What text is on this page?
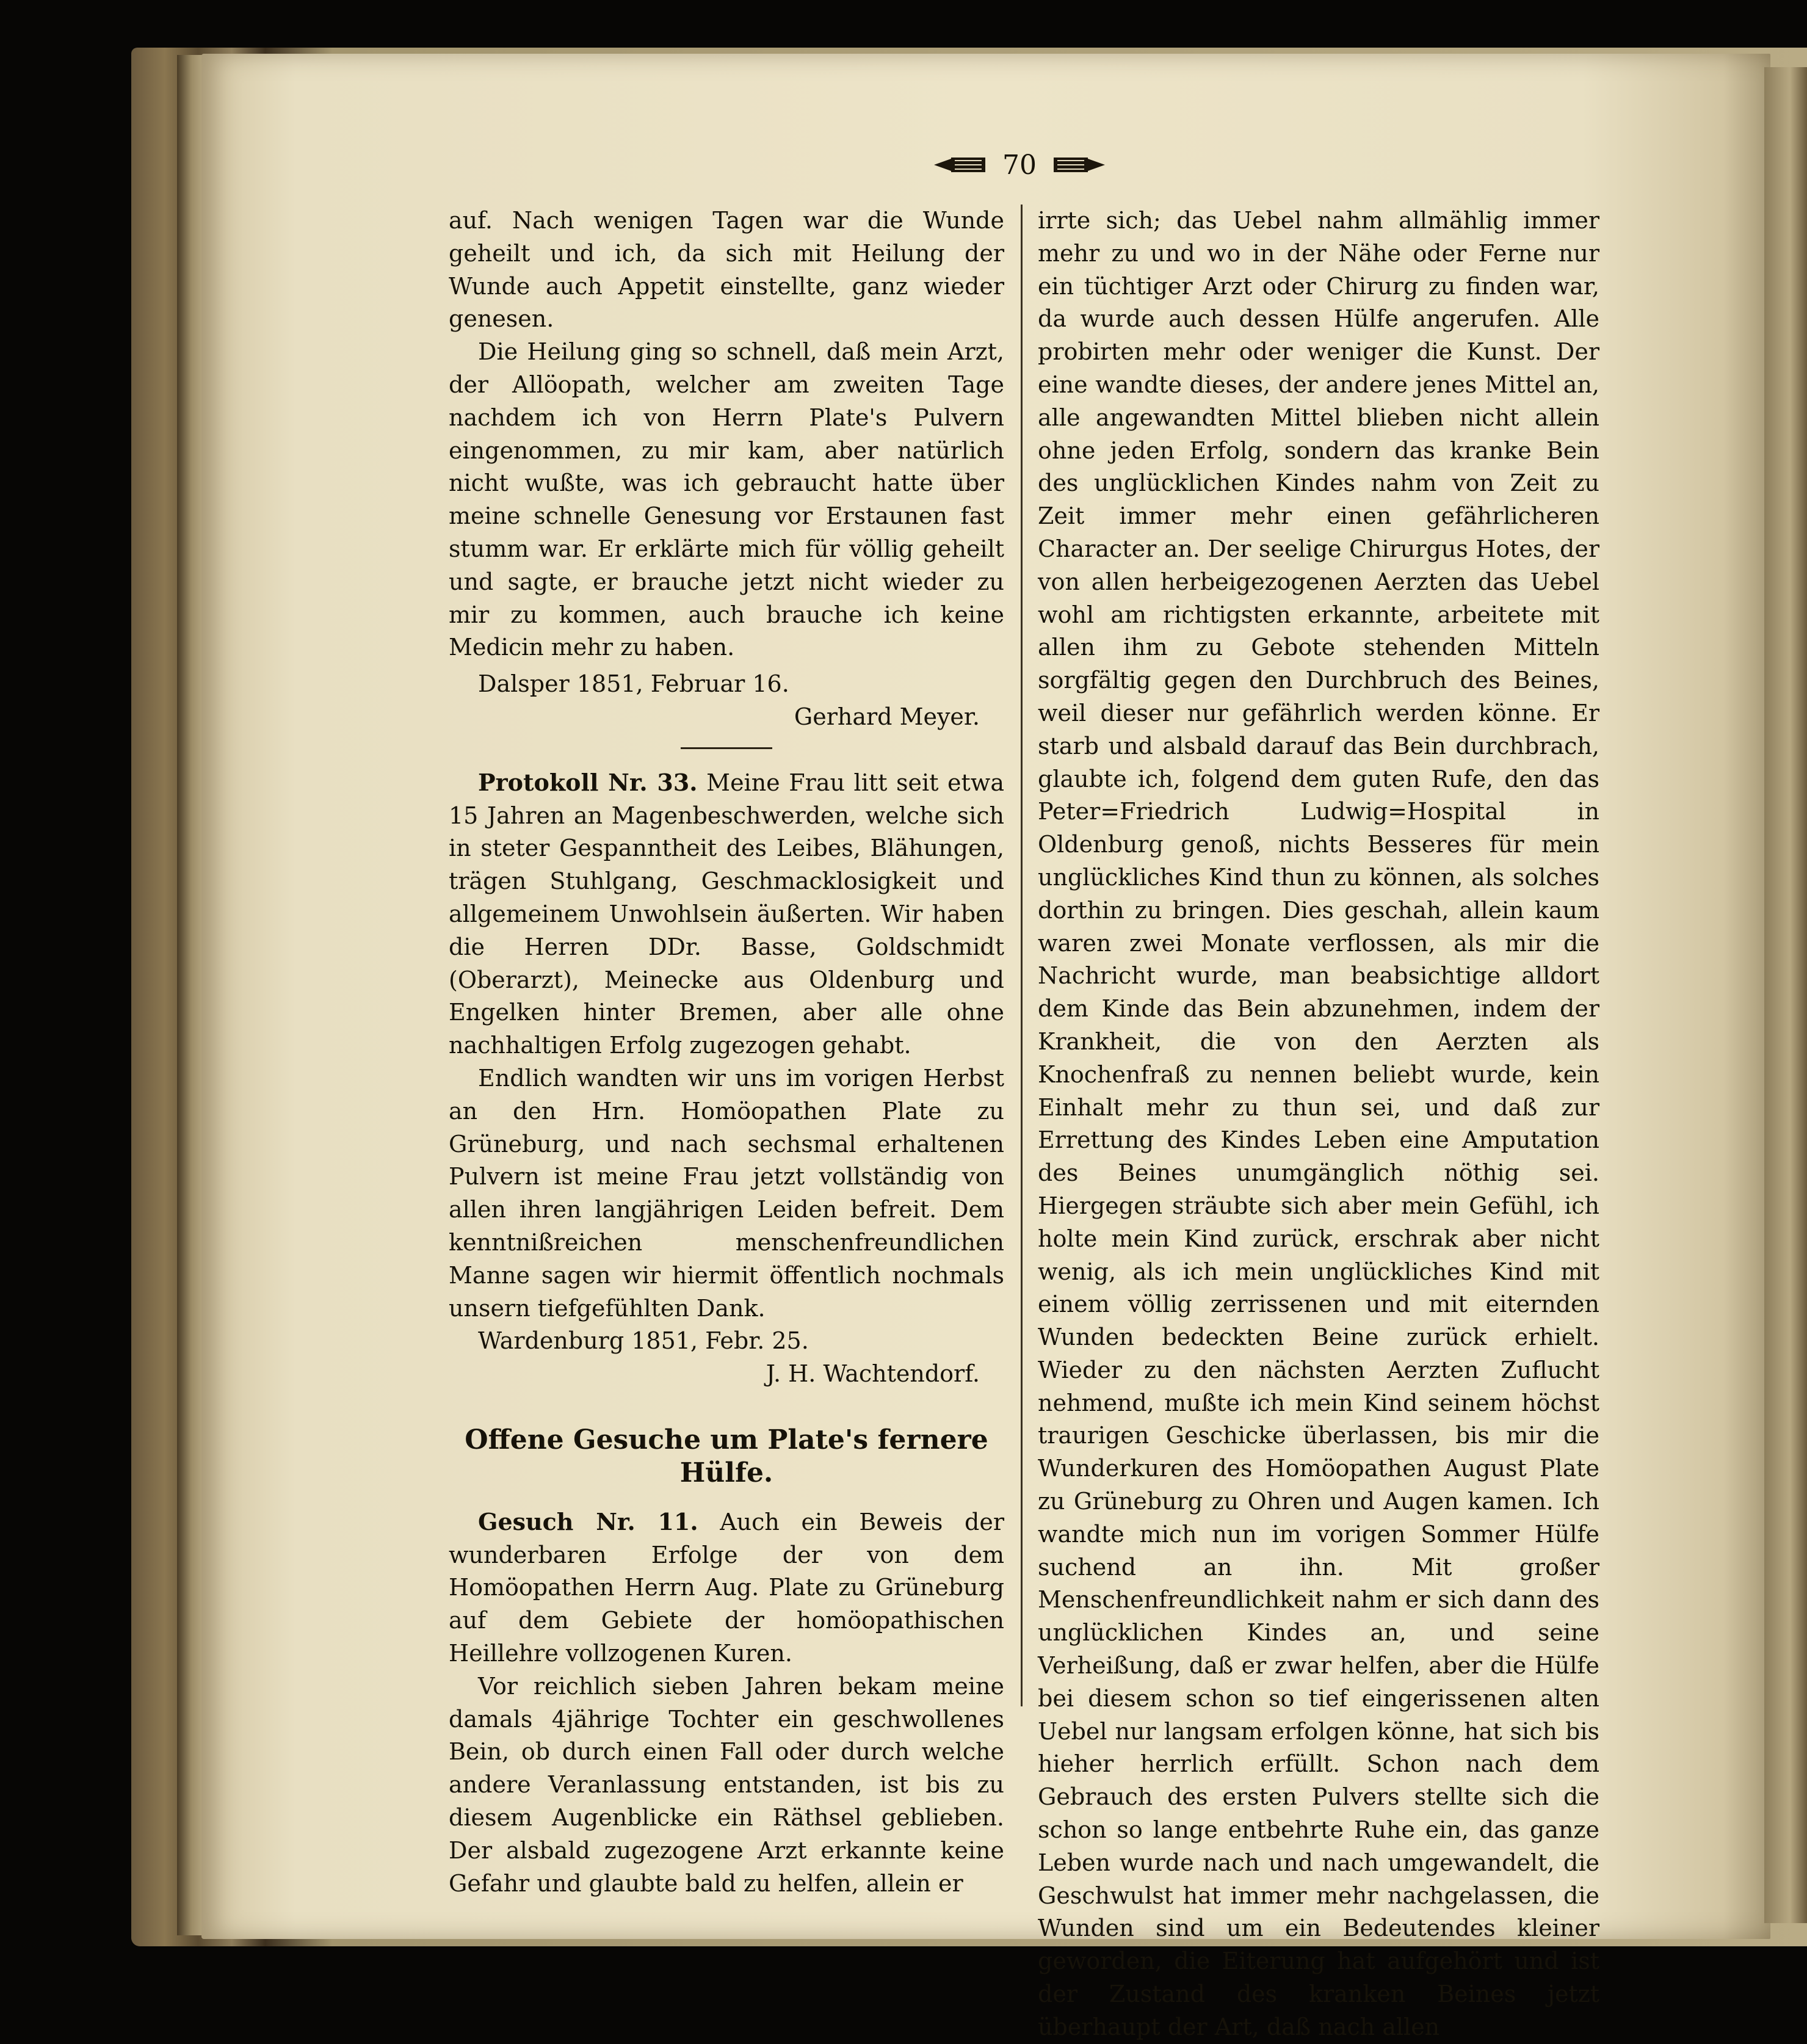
70

auf. Nach wenigen Tagen war die Wunde geheilt und ich, da sich mit Heilung der Wunde auch Appetit einstellte, ganz wieder genesen.

Die Heilung ging so schnell, daß mein Arzt, der Allöopath, welcher am zweiten Tage nachdem ich von Herrn Plate's Pulvern eingenommen, zu mir kam, aber natürlich nicht wußte, was ich gebraucht hatte über meine schnelle Genesung vor Erstaunen fast stumm war. Er erklärte mich für völlig geheilt und sagte, er brauche jetzt nicht wieder zu mir zu kommen, auch brauche ich keine Medicin mehr zu haben.

Dalsper 1851, Februar 16.

Gerhard Meyer.

Protokoll Nr. 33. Meine Frau litt seit etwa 15 Jahren an Magenbeschwerden, welche sich in steter Gespanntheit des Leibes, Blähungen, trägen Stuhlgang, Geschmacklosigkeit und allgemeinem Unwohlsein äußerten. Wir haben die Herren DDr. Basse, Goldschmidt (Oberarzt), Meinecke aus Oldenburg und Engelken hinter Bremen, aber alle ohne nachhaltigen Erfolg zugezogen gehabt.

Endlich wandten wir uns im vorigen Herbst an den Hrn. Homöopathen Plate zu Grüneburg, und nach sechsmal erhaltenen Pulvern ist meine Frau jetzt vollständig von allen ihren langjährigen Leiden befreit. Dem kenntnißreichen menschenfreundlichen Manne sagen wir hiermit öffentlich nochmals unsern tiefgefühlten Dank.

Wardenburg 1851, Febr. 25.

J. H. Wachtendorf.

Offene Gesuche um Plate's fernere Hülfe.

Gesuch Nr. 11. Auch ein Beweis der wunderbaren Erfolge der von dem Homöopathen Herrn Aug. Plate zu Grüneburg auf dem Gebiete der homöopathischen Heillehre vollzogenen Kuren.

Vor reichlich sieben Jahren bekam meine damals 4jährige Tochter ein geschwollenes Bein, ob durch einen Fall oder durch welche andere Veranlassung entstanden, ist bis zu diesem Augenblicke ein Räthsel geblieben. Der alsbald zugezogene Arzt erkannte keine Gefahr und glaubte bald zu helfen, allein er

irrte sich; das Uebel nahm allmählig immer mehr zu und wo in der Nähe oder Ferne nur ein tüchtiger Arzt oder Chirurg zu finden war, da wurde auch dessen Hülfe angerufen. Alle probirten mehr oder weniger die Kunst. Der eine wandte dieses, der andere jenes Mittel an, alle angewandten Mittel blieben nicht allein ohne jeden Erfolg, sondern das kranke Bein des unglücklichen Kindes nahm von Zeit zu Zeit immer mehr einen gefährlicheren Character an. Der seelige Chirurgus Hotes, der von allen herbeigezogenen Aerzten das Uebel wohl am richtigsten erkannte, arbeitete mit allen ihm zu Gebote stehenden Mitteln sorgfältig gegen den Durchbruch des Beines, weil dieser nur gefährlich werden könne. Er starb und alsbald darauf das Bein durchbrach, glaubte ich, folgend dem guten Rufe, den das Peter=Friedrich Ludwig=Hospital in Oldenburg genoß, nichts Besseres für mein unglückliches Kind thun zu können, als solches dorthin zu bringen. Dies geschah, allein kaum waren zwei Monate verflossen, als mir die Nachricht wurde, man beabsichtige alldort dem Kinde das Bein abzunehmen, indem der Krankheit, die von den Aerzten als Knochenfraß zu nennen beliebt wurde, kein Einhalt mehr zu thun sei, und daß zur Errettung des Kindes Leben eine Amputation des Beines unumgänglich nöthig sei. Hiergegen sträubte sich aber mein Gefühl, ich holte mein Kind zurück, erschrak aber nicht wenig, als ich mein unglückliches Kind mit einem völlig zerrissenen und mit eiternden Wunden bedeckten Beine zurück erhielt. Wieder zu den nächsten Aerzten Zuflucht nehmend, mußte ich mein Kind seinem höchst traurigen Geschicke überlassen, bis mir die Wunderkuren des Homöopathen August Plate zu Grüneburg zu Ohren und Augen kamen. Ich wandte mich nun im vorigen Sommer Hülfe suchend an ihn. Mit großer Menschenfreundlichkeit nahm er sich dann des unglücklichen Kindes an, und seine Verheißung, daß er zwar helfen, aber die Hülfe bei diesem schon so tief eingerissenen alten Uebel nur langsam erfolgen könne, hat sich bis hieher herrlich erfüllt. Schon nach dem Gebrauch des ersten Pulvers stellte sich die schon so lange entbehrte Ruhe ein, das ganze Leben wurde nach und nach umgewandelt, die Geschwulst hat immer mehr nachgelassen, die Wunden sind um ein Bedeutendes kleiner geworden, die Eiterung hat aufgehört und ist der Zustand des kranken Beines jetzt überhaupt der Art, daß nach allen
